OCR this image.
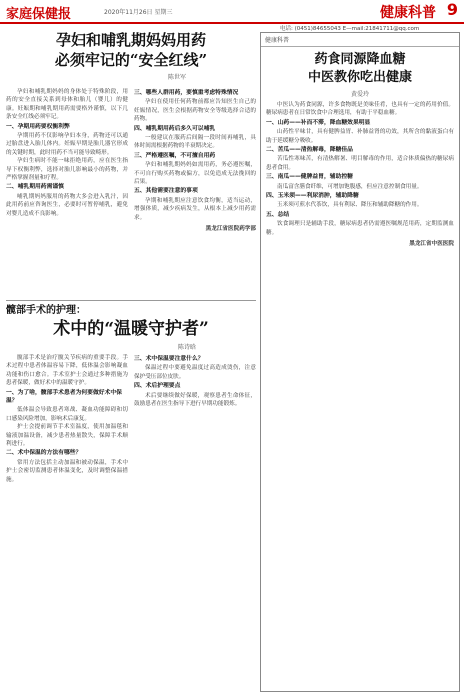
家庭保健报	2020年11月26日 星期三	健康科普 9
电话: (0451)84655043 E—mail:21841711@qq.com
孕妇和哺乳期妈妈用药
必须牢记的“安全红线”
陈世军

孕妇和哺乳期妈妈的身体处于特殊阶段，用药的安全直接关系到母体和胎儿（婴儿）的健康。妊娠期和哺乳期用药需要格外谨慎，以下几条安全红线必须牢记。

一、孕期用药要权衡利弊

孕期用药不仅影响孕妇本身，药物还可以通过胎盘进入胎儿体内。妊娠早期是胎儿器官形成的关键时期，此时用药不当可能导致畸形。

孕妇生病时不能一味拒绝用药，应在医生指导下权衡利弊，选择对胎儿影响最小的药物，并严格掌握剂量和疗程。

二、哺乳期用药需谨慎

哺乳期妈妈服用的药物大多会进入乳汁，因此用药前应咨询医生，必要时可暂停哺乳，避免对婴儿造成不良影响。

三、哪些人群用药，要慎重考虑特殊情况

孕妇在使用任何药物前都应告知医生自己的妊娠情况，医生会根据药物安全等级选择合适的药物。

四、哺乳期用药后多久可以哺乳

一般建议在服药后间隔一段时间再哺乳，具体时间需根据药物的半衰期决定。

三、严格遵医嘱，不可擅自用药

孕妇和哺乳期妈妈如需用药，务必遵医嘱，不可自行购买药物或偏方，以免造成无法挽回的后果。

五、其他需要注意的事项

孕期和哺乳期应注意饮食均衡，适当运动，增强体质，减少疾病发生，从根本上减少用药需求。

黑龙江省医院药学部
髋部手术的护理：
术中的“温暖守护者”
陈诗晗

髋部手术是治疗髋关节疾病的重要手段。手术过程中患者体温容易下降，低体温会影响凝血功能和伤口愈合。手术室护士会通过多种措施为患者保暖，做好术中的温暖守护。

一、为了啥，髋部手术患者为何要做好术中保温？

低体温会导致患者寒战、凝血功能障碍和切口感染风险增加，影响术后康复。

护士会提前调节手术室温度，使用加温毯和输液加温设备，减少患者热量散失，保障手术顺利进行。

二、术中保温的方法有哪些？

常用方法包括主动加温和被动保温，手术中护士会密切监测患者体温变化，及时调整保温措施。

三、术中保温要注意什么？

保温过程中要避免温度过高造成烫伤，注意保护受压部位皮肤。

四、术后护理要点

术后要继续做好保暖，观察患者生命体征，鼓励患者在医生指导下进行早期功能锻炼。

健康科普
药食同源降血糖
中医教你吃出健康
黄爱玲

中医认为药食同源，许多食物既是美味佳肴，也具有一定的药用价值。糖尿病患者在日常饮食中合理选用，有助于平稳血糖。

一、山药——补而不滞，降血糖效果明显

山药性平味甘，具有健脾益胃、补肺益肾的功效，其所含的黏液蛋白有助于延缓糖分吸收。

二、苦瓜——清热解毒，降糖佳品

苦瓜性寒味苦，有清热解暑、明目解毒的作用，适合体质偏热的糖尿病患者食用。

三、南瓜——健脾益胃，辅助控糖

南瓜富含膳食纤维，可增加饱腹感，但应注意控制食用量。

四、玉米须——利尿消肿，辅助降糖

玉米须可煎水代茶饮，具有利尿、降压和辅助降糖的作用。

五、总结

饮食调理只是辅助手段，糖尿病患者仍需遵医嘱规范用药，定期监测血糖。

黑龙江省中医医院
